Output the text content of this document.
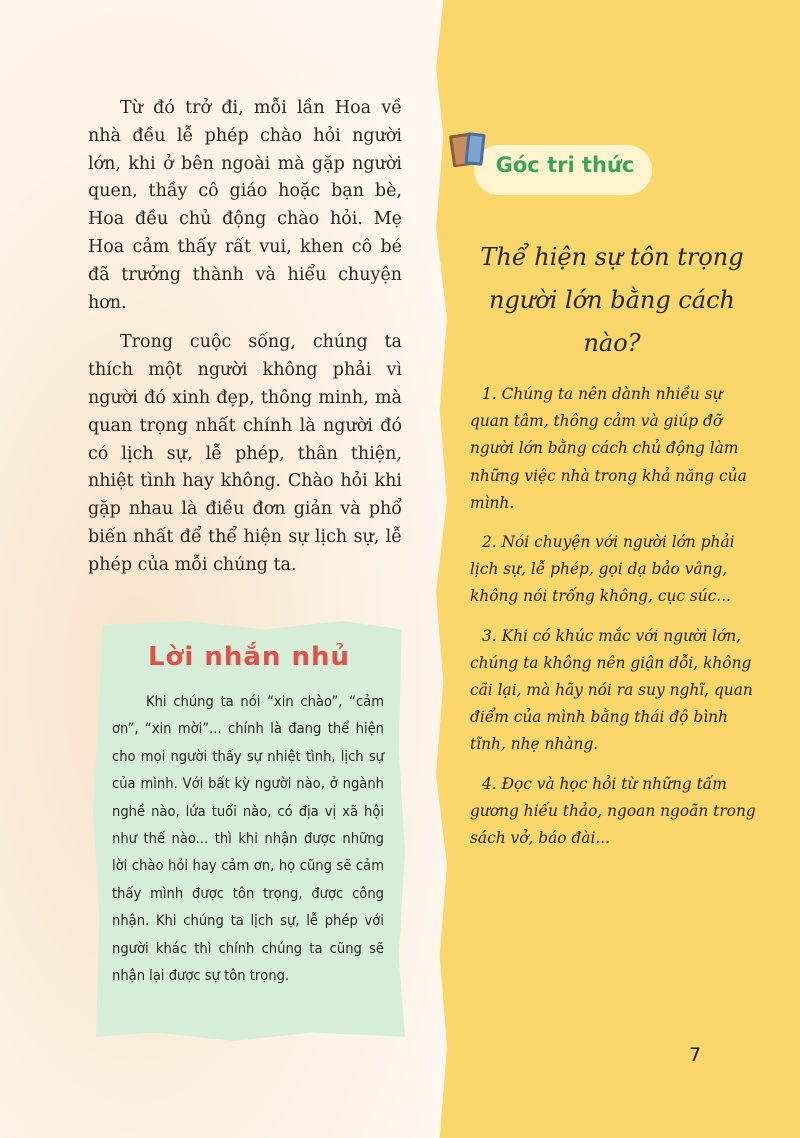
Từ đó trở đi, mỗi lần Hoa về nhà đều lễ phép chào hỏi người lớn, khi ở bên ngoài mà gặp người quen, thầy cô giáo hoặc bạn bè, Hoa đều chủ động chào hỏi. Mẹ Hoa cảm thấy rất vui, khen cô bé đã trưởng thành và hiểu chuyện hơn.

Trong cuộc sống, chúng ta thích một người không phải vì người đó xinh đẹp, thông minh, mà quan trọng nhất chính là người đó có lịch sự, lễ phép, thân thiện, nhiệt tình hay không. Chào hỏi khi gặp nhau là điều đơn giản và phổ biến nhất để thể hiện sự lịch sự, lễ phép của mỗi chúng ta.

Lời nhắn nhủ
Khi chúng ta nói “xin chào”, “cảm ơn”, “xin mời”... chính là đang thể hiện cho mọi người thấy sự nhiệt tình, lịch sự của mình. Với bất kỳ người nào, ở ngành nghề nào, lứa tuổi nào, có địa vị xã hội như thế nào... thì khi nhận được những lời chào hỏi hay cảm ơn, họ cũng sẽ cảm thấy mình được tôn trọng, được công nhận. Khi chúng ta lịch sự, lễ phép với người khác thì chính chúng ta cũng sẽ nhận lại được sự tôn trọng.
Góc tri thức
Thể hiện sự tôn trọng người lớn bằng cách nào?

1. Chúng ta nên dành nhiều sự quan tâm, thông cảm và giúp đỡ người lớn bằng cách chủ động làm những việc nhà trong khả năng của mình.

2. Nói chuyện với người lớn phải lịch sự, lễ phép, gọi dạ bảo vâng, không nói trống không, cục súc...

3. Khi có khúc mắc với người lớn, chúng ta không nên giận dỗi, không cãi lại, mà hãy nói ra suy nghĩ, quan điểm của mình bằng thái độ bình tĩnh, nhẹ nhàng.

4. Đọc và học hỏi từ những tấm gương hiếu thảo, ngoan ngoãn trong sách vở, báo đài...

7
